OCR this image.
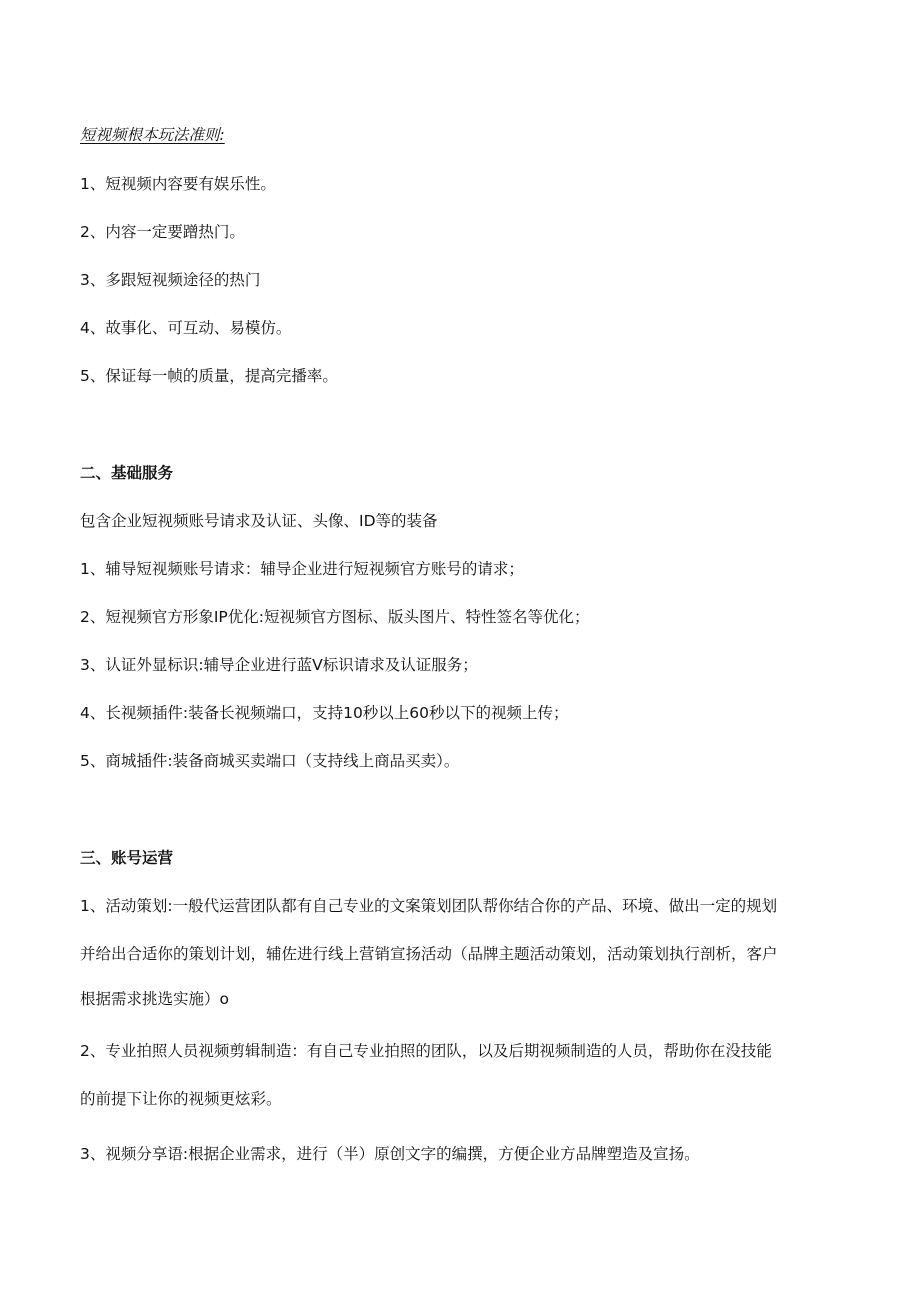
短视频根本玩法准则:
1、短视频内容要有娱乐性。
2、内容一定要蹭热门。
3、多跟短视频途径的热门
4、故事化、可互动、易模仿。
5、保证每一帧的质量，提高完播率。
二、基础服务
包含企业短视频账号请求及认证、头像、ID等的装备
1、辅导短视频账号请求：辅导企业进行短视频官方账号的请求；
2、短视频官方形象IP优化:短视频官方图标、版头图片、特性签名等优化；
3、认证外显标识:辅导企业进行蓝V标识请求及认证服务；
4、长视频插件:装备长视频端口，支持10秒以上60秒以下的视频上传；
5、商城插件:装备商城买卖端口（支持线上商品买卖）。
三、账号运营
1、活动策划:一般代运营团队都有自己专业的文案策划团队帮你结合你的产品、环境、做出一定的规划
并给出合适你的策划计划，辅佐进行线上营销宣扬活动（品牌主题活动策划，活动策划执行剖析，客户
根据需求挑选实施）o
2、专业拍照人员视频剪辑制造：有自己专业拍照的团队，以及后期视频制造的人员，帮助你在没技能
的前提下让你的视频更炫彩。
3、视频分享语:根据企业需求，进行（半）原创文字的编撰，方便企业方品牌塑造及宣扬。
